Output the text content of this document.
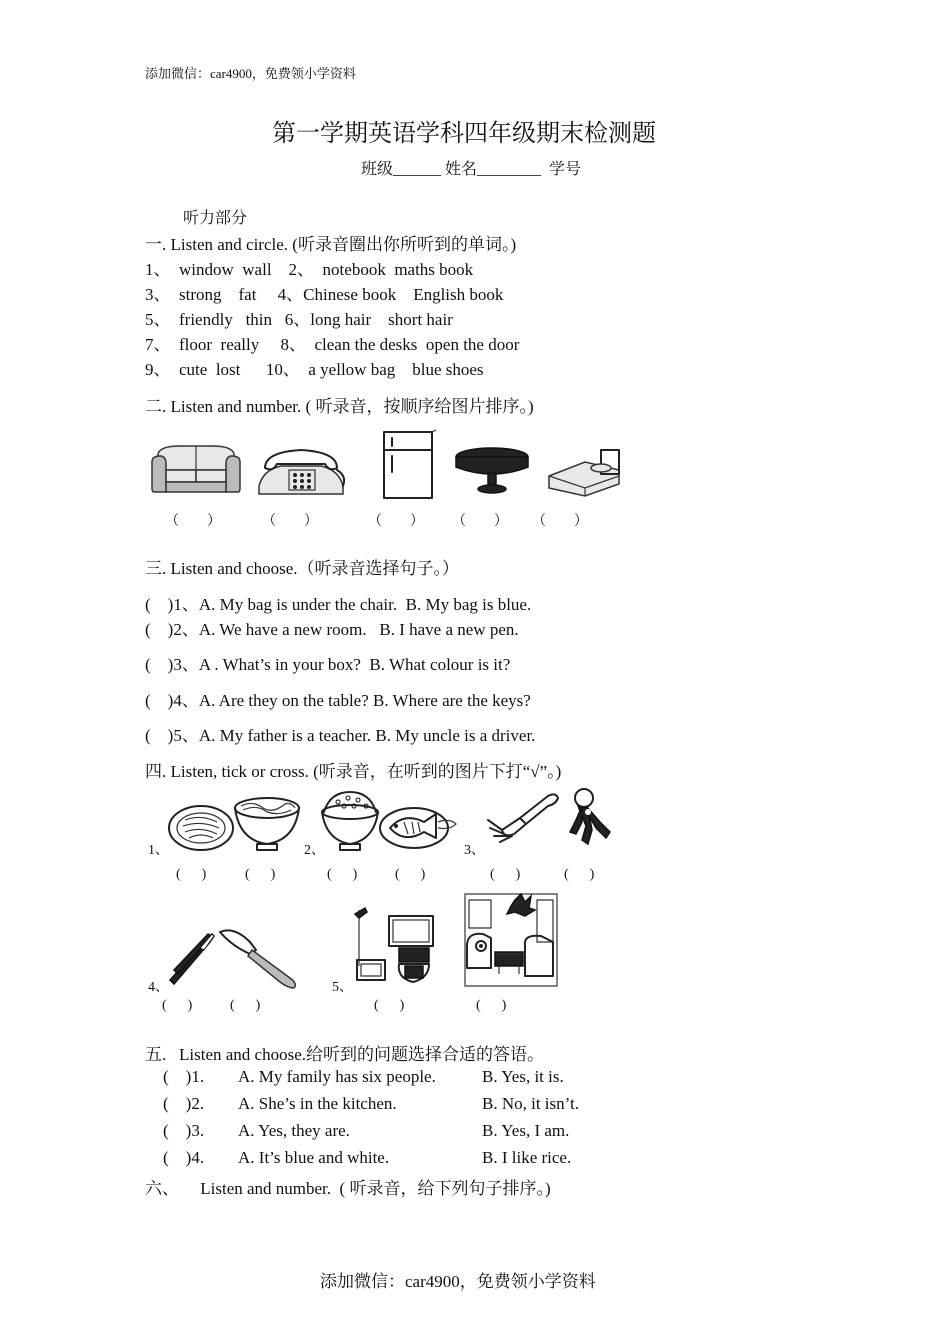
添加微信：car4900，免费领小学资料
第一学期英语学科四年级期末检测题
班级______ 姓名________  学号
听力部分
一. Listen and circle. (听录音圈出你所听到的单词。)
1、  window  wall    2、  notebook  maths book
3、  strong    fat     4、Chinese book    English book
5、  friendly   thin   6、long hair    short hair
7、  floor  really     8、  clean the desks  open the door
9、  cute  lost      10、  a yellow bag    blue shoes
二. Listen and number. ( 听录音，按顺序给图片排序。)
（        ）	（        ）	（        ） （        ） （        ）
三. Listen and choose.（听录音选择句子。）
(    )1、A. My bag is under the chair.  B. My bag is blue.
(    )2、A. We have a new room.   B. I have a new pen.
(    )3、A . What’s in your box?  B. What colour is it?
(    )4、A. Are they on the table? B. Where are the keys?
(    )5、A. My father is a teacher. B. My uncle is a driver.
四. Listen, tick or cross. (听录音，在听到的图片下打“√”。)
1、	2、	3、
4、	5、
(      )	(      )	(      )	(      )	(      )	(      )
(      )	(      )	(      )	(      )
五.   Listen and choose.给听到的问题选择合适的答语。
(    )1. A. My family has six people.	B. Yes, it is.
(    )2. A. She’s in the kitchen.	B. No, it isn’t.
(    )3. A. Yes, they are.	B. Yes, I am.
(    )4. A. It’s blue and white.	B. I like rice.
六、     Listen and number.  ( 听录音，给下列句子排序。)
添加微信：car4900，免费领小学资料
